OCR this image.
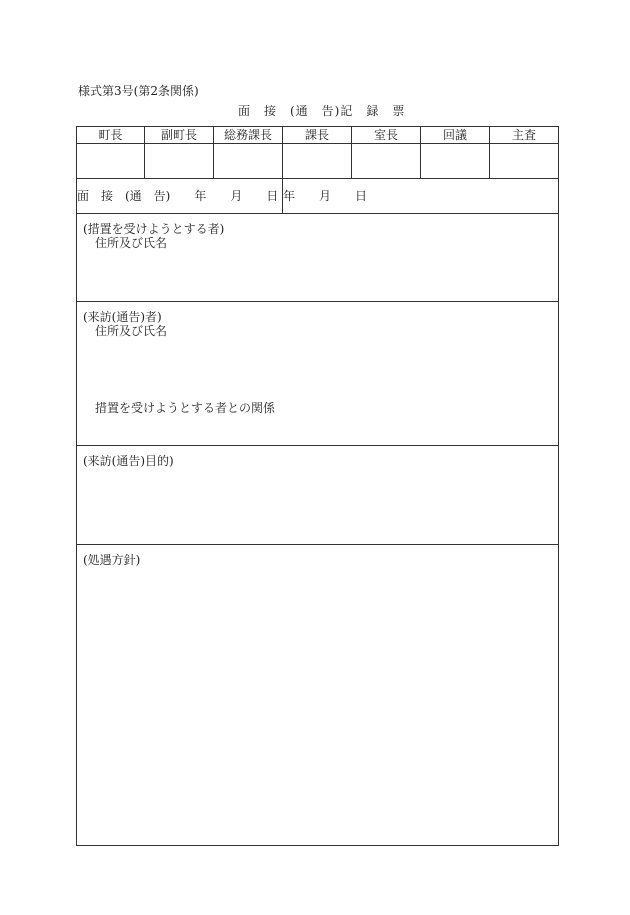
様式第3号(第2条関係)
面　接　(通　告)記　録　票
町長	副町長	総務課長	課長	室長	回議	主査

面　接　(通　告)　　年　　月　　日			年　　月　　日			

(措置を受けようとする者)
住所及び氏名						

(来訪(通告)者)
住所及び氏名
措置を受けようとする者との関係						

(来訪(通告)目的)						

(処遇方針)						
